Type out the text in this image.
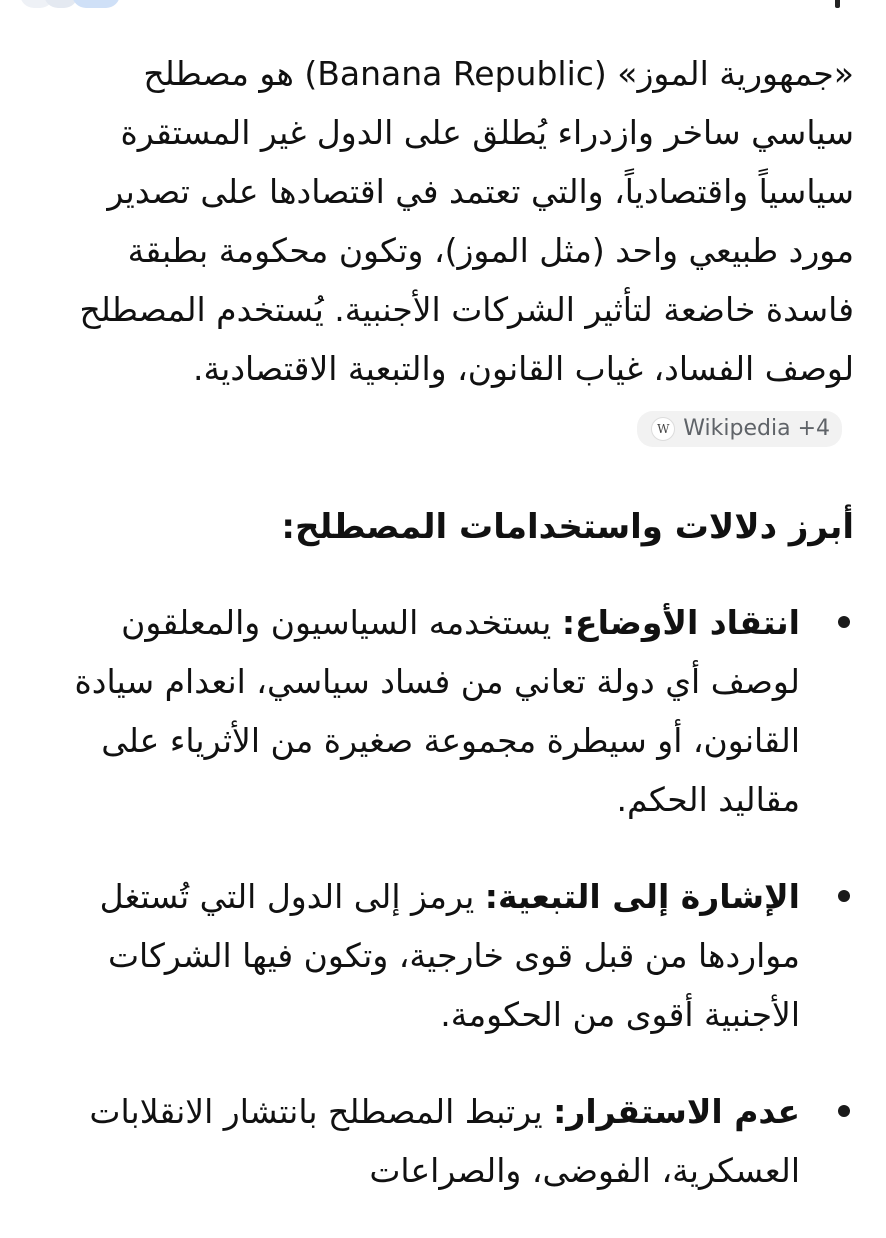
«جمهورية الموز» (Banana Republic) هو مصطلح سياسي ساخر وازدراء يُطلق على الدول غير المستقرة سياسياً واقتصادياً، والتي تعتمد في اقتصادها على تصدير مورد طبيعي واحد (مثل الموز)، وتكون محكومة بطبقة فاسدة خاضعة لتأثير الشركات الأجنبية. يُستخدم المصطلح لوصف الفساد، غياب القانون، والتبعية الاقتصادية.
W Wikipedia +4

أبرز دلالات واستخدامات المصطلح:
انتقاد الأوضاع: يستخدمه السياسيون والمعلقون لوصف أي دولة تعاني من فساد سياسي، انعدام سيادة القانون، أو سيطرة مجموعة صغيرة من الأثرياء على مقاليد الحكم.
الإشارة إلى التبعية: يرمز إلى الدول التي تُستغل مواردها من قبل قوى خارجية، وتكون فيها الشركات الأجنبية أقوى من الحكومة.
عدم الاستقرار: يرتبط المصطلح بانتشار الانقلابات العسكرية، الفوضى، والصراعات
